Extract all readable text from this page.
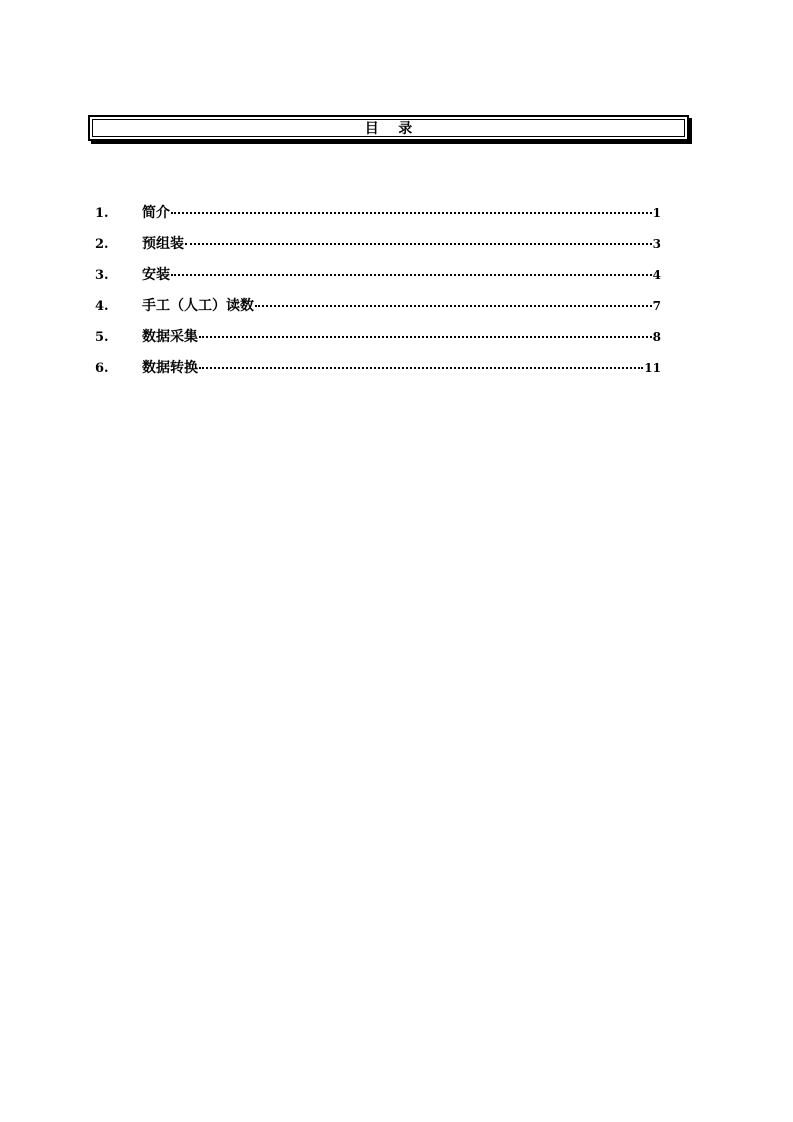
目    录
1.	简介	1
2.	预组装	3
3.	安装	4
4.	手工（人工）读数	7
5.	数据采集	8
6.	数据转换	11
